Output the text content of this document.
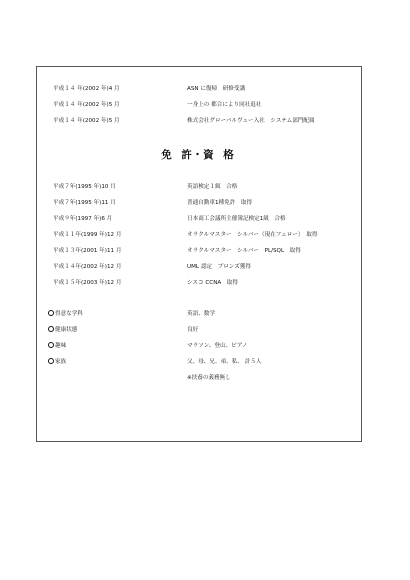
平成１４ 年(2002 年)4 月	ASN に復帰　研修受講
平成１４ 年(2002 年)5 月	一身上の 都合により同社退社
平成１４ 年(2002 年)5 月	株式会社グローバルヴュー入社　システム部門配属
免 許･資 格
平成７年(1995 年)10 月	英語検定１級　合格
平成７年(1995 年)11 月	普通自動車1種免許　取得
平成９年(1997 年)6 月	日本商工会議所主催簿記検定1級　合格
平成１１年(1999 年)12 月	オラクルマスター　シルバー（現在フェロー）　取得
平成１３年(2001 年)11 月	オラクルマスター　シルバー　PL/SQL　取得
平成１４年(2002 年)12 月	UML 認定　ブロンズ獲得
平成１５年(2003 年)12 月	シスコ CCNA　取得
得意な学科	英語、数学
健康状態	良好
趣味	マラソン、登山、ピアノ
家族	父、母、兄、弟、私、 計５人
※扶養の義務無し
